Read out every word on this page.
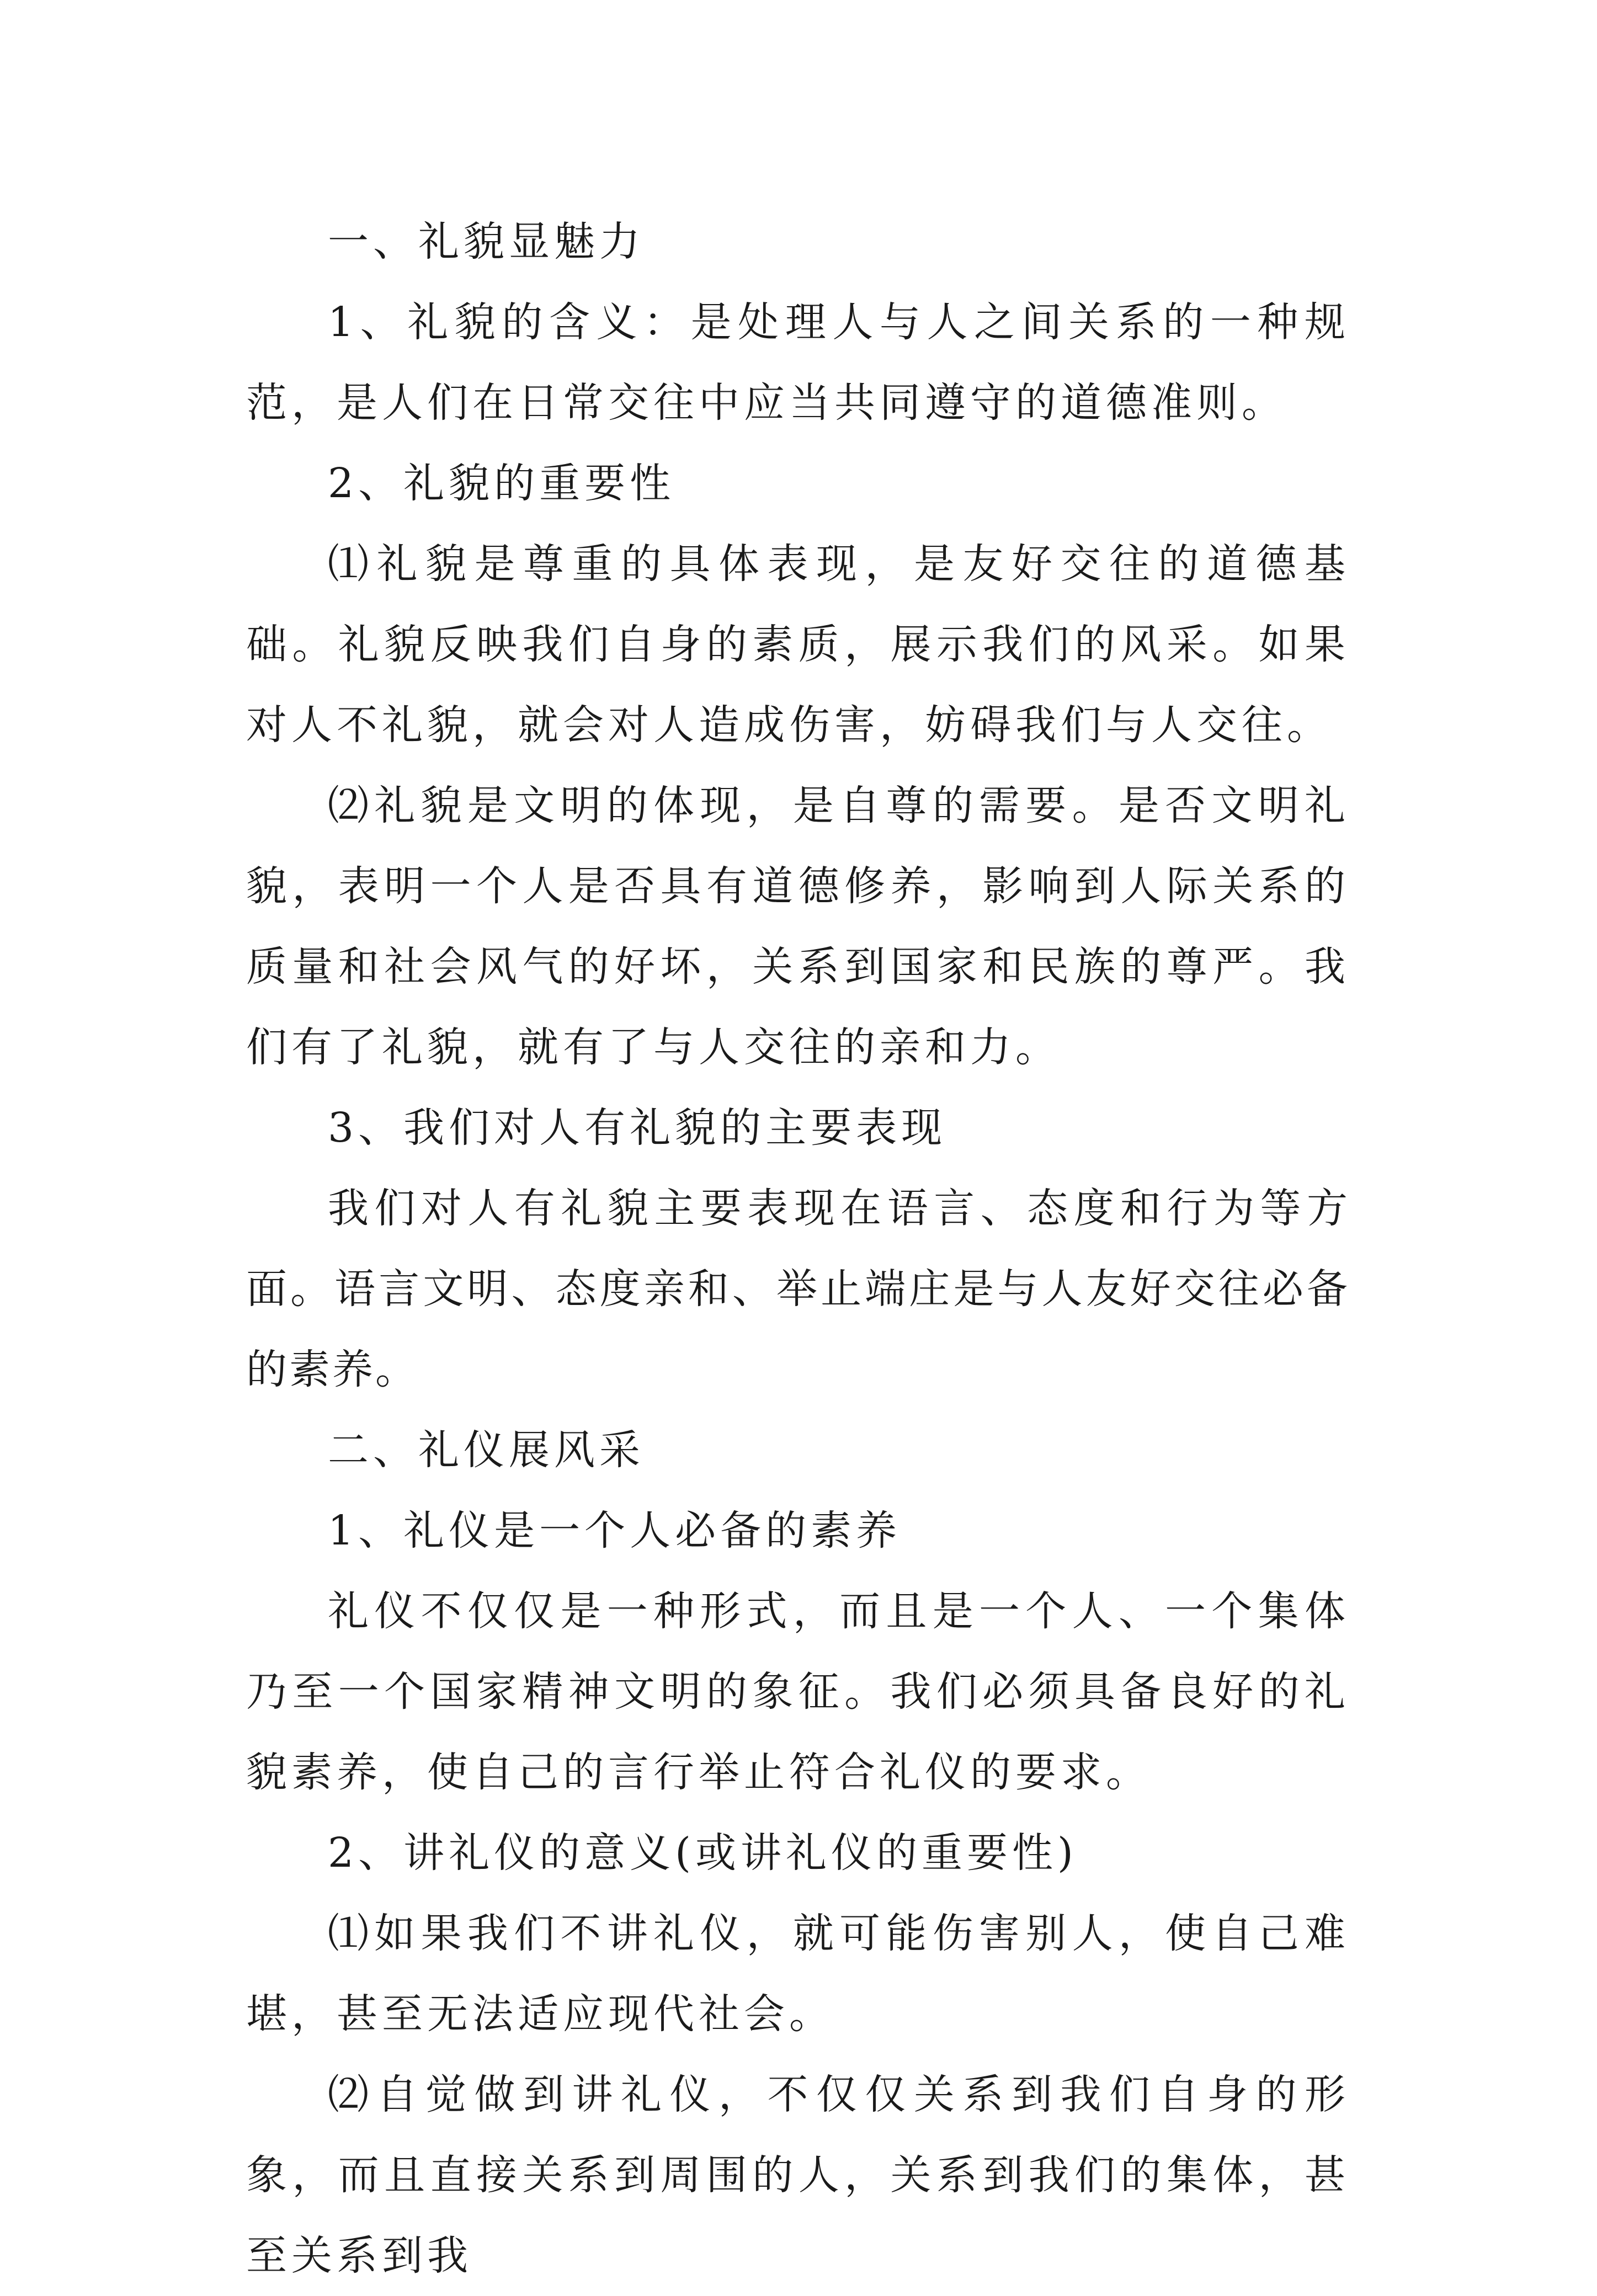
一、礼貌显魅力

1、礼貌的含义：是处理人与人之间关系的一种规范，是人们在日常交往中应当共同遵守的道德准则。

2、礼貌的重要性

⑴礼貌是尊重的具体表现，是友好交往的道德基础。礼貌反映我们自身的素质，展示我们的风采。如果对人不礼貌，就会对人造成伤害，妨碍我们与人交往。

⑵礼貌是文明的体现，是自尊的需要。是否文明礼貌，表明一个人是否具有道德修养，影响到人际关系的质量和社会风气的好坏，关系到国家和民族的尊严。我们有了礼貌，就有了与人交往的亲和力。

3、我们对人有礼貌的主要表现

我们对人有礼貌主要表现在语言、态度和行为等方面。语言文明、态度亲和、举止端庄是与人友好交往必备的素养。

二、礼仪展风采

1、礼仪是一个人必备的素养

礼仪不仅仅是一种形式，而且是一个人、一个集体乃至一个国家精神文明的象征。我们必须具备良好的礼貌素养，使自己的言行举止符合礼仪的要求。

2、讲礼仪的意义(或讲礼仪的重要性)

⑴如果我们不讲礼仪，就可能伤害别人，使自己难堪，甚至无法适应现代社会。

⑵自觉做到讲礼仪，不仅仅关系到我们自身的形象，而且直接关系到周围的人，关系到我们的集体，甚至关系到我
